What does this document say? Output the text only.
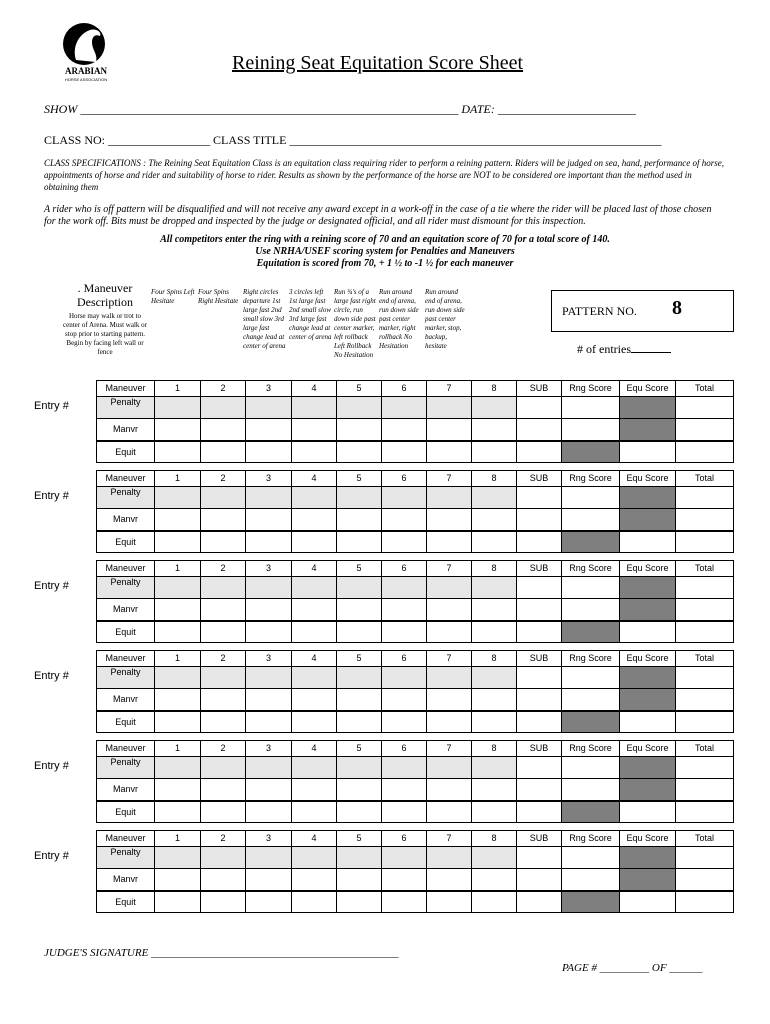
ARABIAN
HORSE ASSOCIATION
Reining Seat Equitation Score Sheet
SHOW _______________________________________________________________ DATE: _______________________
CLASS NO: _________________ CLASS TITLE ______________________________________________________________
CLASS SPECIFICATIONS : The Reining Seat Equitation Class is an equitation class requiring rider to perform a reining pattern. Riders will be judged on sea, hand, performance of horse, appointments of horse and rider and suitability of horse to rider. Results as shown by the performance of the horse are NOT to be considered ore important than the method used in obtaining them
A rider who is off pattern will be disqualified and will not receive any award except in a work-off in the case of a tie where the rider will be placed last of those chosen for the work off. Bits must be dropped and inspected by the judge or designated official, and all rider must dismount for this inspection.
All competitors enter the ring with a reining score of 70 and an equitation score of 70 for a total score of 140.
Use NRHA/USEF scoring system for Penalties and Maneuvers
Equitation is scored from 70, + 1 ½ to -1 ½ for each maneuver
. Maneuver Description
Horse may walk or trot to center of Arena. Must walk or stop prior to starting pattern. Begin by facing left wall or fence
Four Spins Left Hesitate
Four Spins Right Hesitate
Right circles departure 1st large fast 2nd small slow 3rd large fast change lead at center of arena
3 circles left 1st large fast 2nd small slow 3rd large fast change lead at center of arena
Run ¾'s of a large fast right circle, run down side past center marker, left rollback Left Rollback No Hesitation
Run around end of arena, run down side past center marker, right rollback No Hesitation
Run around end of arena, run down side past center marker, stop, backup, hesitate
PATTERN NO. 8
# of entries
Maneuver	1	2	3	4	5	6	7	8	SUB	Rng Score	Equ Score	Total
Penalty												
Manvr												
Equit												
Entry #
Maneuver	1	2	3	4	5	6	7	8	SUB	Rng Score	Equ Score	Total
Penalty												
Manvr												
Equit												
Entry #
Maneuver	1	2	3	4	5	6	7	8	SUB	Rng Score	Equ Score	Total
Penalty												
Manvr												
Equit												
Entry #
Maneuver	1	2	3	4	5	6	7	8	SUB	Rng Score	Equ Score	Total
Penalty												
Manvr												
Equit												
Entry #
Maneuver	1	2	3	4	5	6	7	8	SUB	Rng Score	Equ Score	Total
Penalty												
Manvr												
Equit												
Entry #
Maneuver	1	2	3	4	5	6	7	8	SUB	Rng Score	Equ Score	Total
Penalty												
Manvr												
Equit												
Entry #
JUDGE'S SIGNATURE _____________________________________________
PAGE # _________ OF ______
